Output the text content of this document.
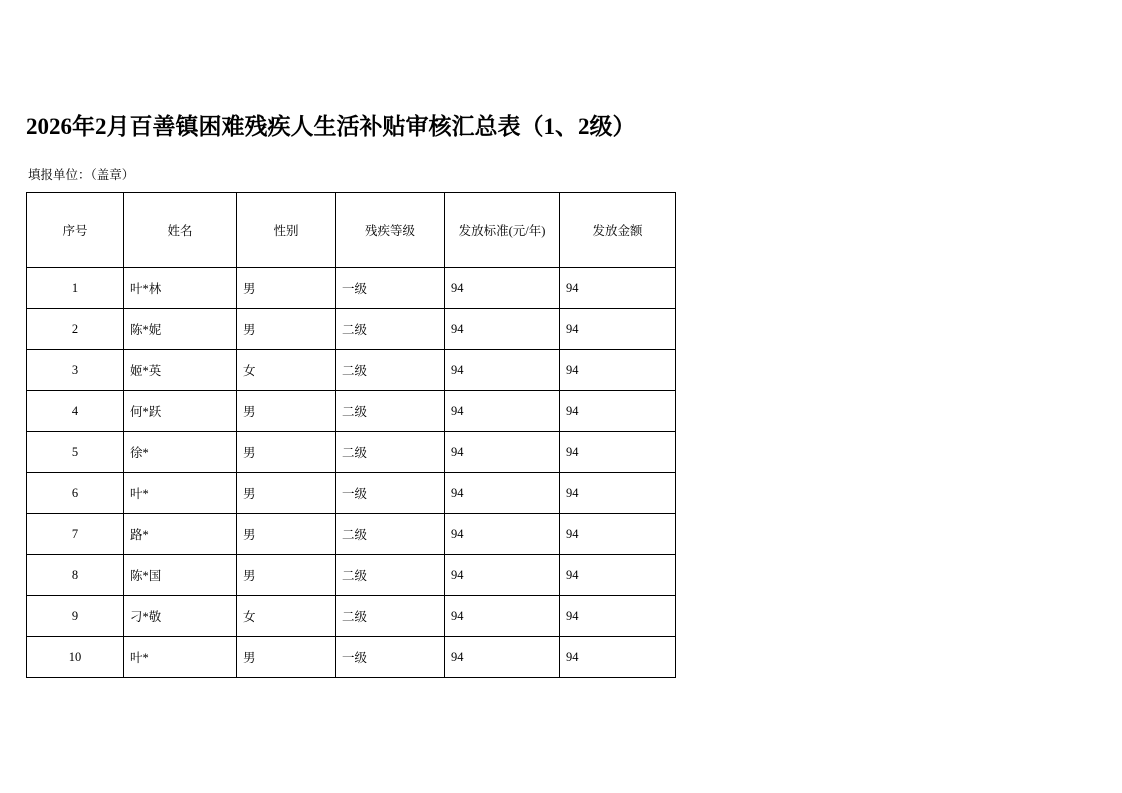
2026年2月百善镇困难残疾人生活补贴审核汇总表（1、2级）
填报单位：（盖章）
序号	姓名	性别	残疾等级	发放标准(元/年)	发放金额
1	叶*林	男	一级	94	94
2	陈*妮	男	二级	94	94
3	姬*英	女	二级	94	94
4	何*跃	男	二级	94	94
5	徐*	男	二级	94	94
6	叶*	男	一级	94	94
7	路*	男	二级	94	94
8	陈*国	男	二级	94	94
9	刁*敬	女	二级	94	94
10	叶*	男	一级	94	94
